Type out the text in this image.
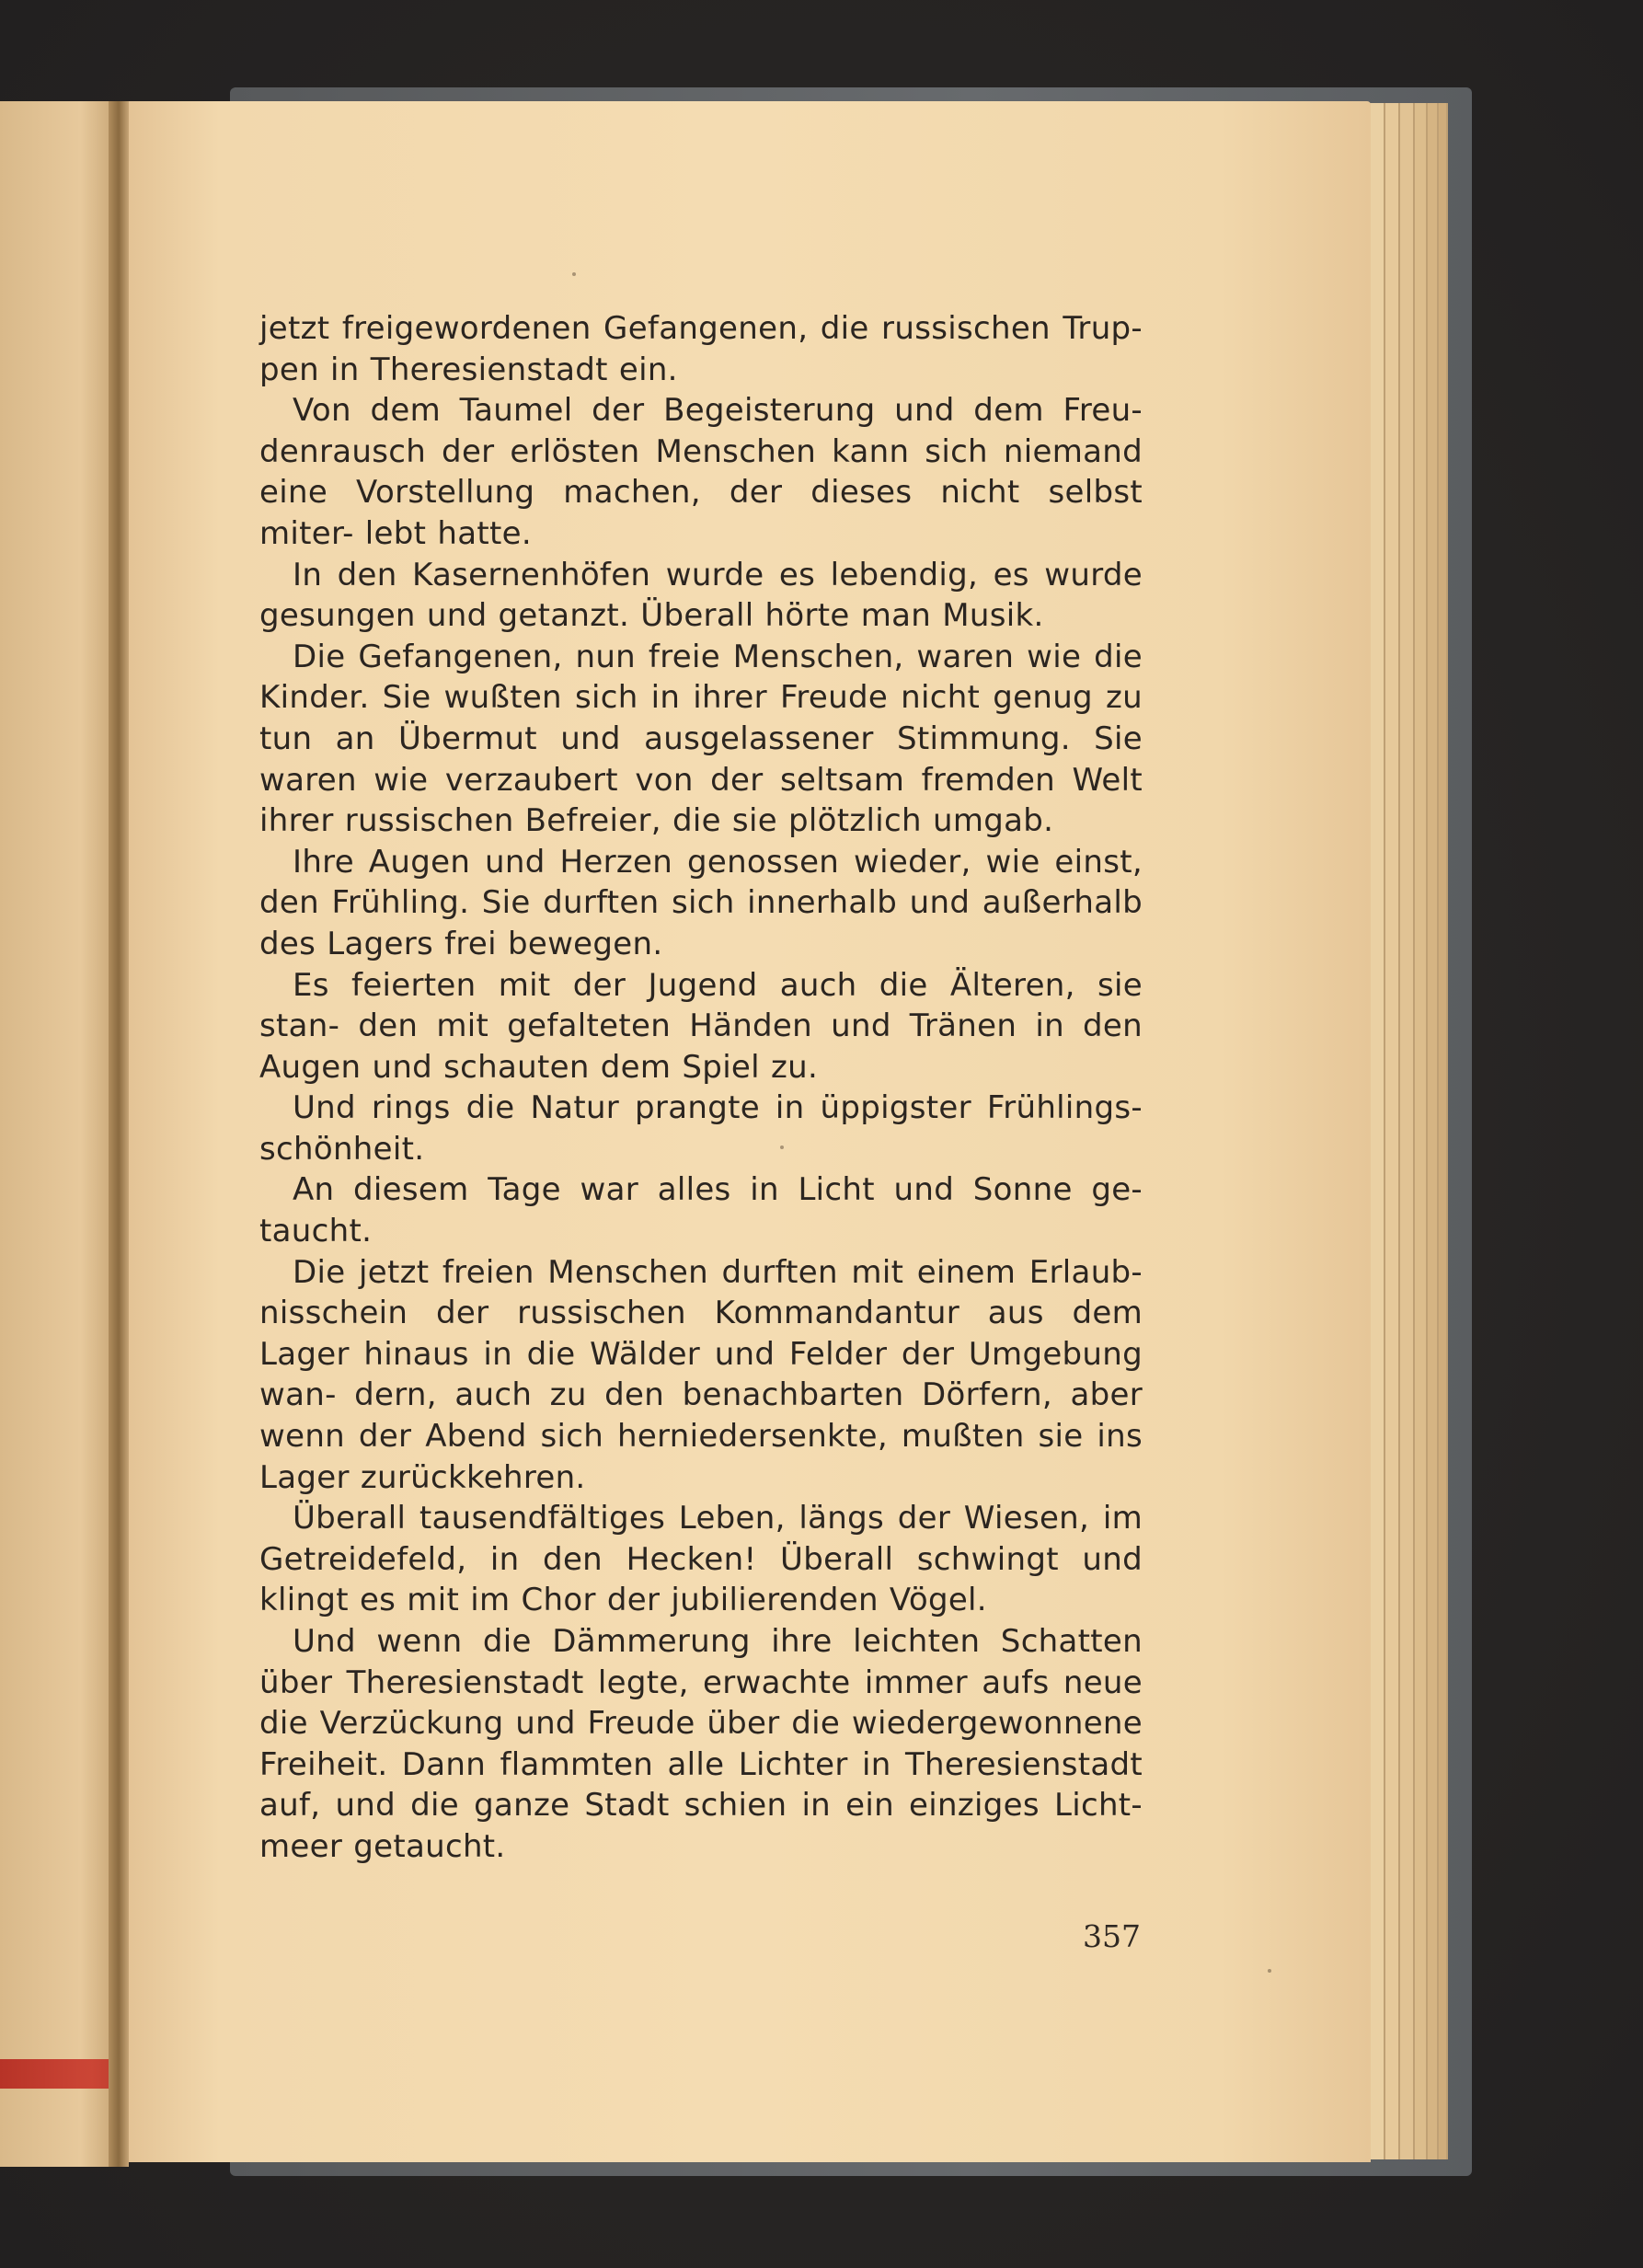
jetzt freigewordenen Gefangenen, die russischen Trup- pen in Theresienstadt ein.

Von dem Taumel der Begeisterung und dem Freu- denrausch der erlösten Menschen kann sich niemand eine Vorstellung machen, der dieses nicht selbst miter- lebt hatte.

In den Kasernenhöfen wurde es lebendig, es wurde gesungen und getanzt. Überall hörte man Musik.

Die Gefangenen, nun freie Menschen, waren wie die Kinder. Sie wußten sich in ihrer Freude nicht genug zu tun an Übermut und ausgelassener Stimmung. Sie waren wie verzaubert von der seltsam fremden Welt ihrer russischen Befreier, die sie plötzlich umgab.

Ihre Augen und Herzen genossen wieder, wie einst, den Frühling. Sie durften sich innerhalb und außerhalb des Lagers frei bewegen.

Es feierten mit der Jugend auch die Älteren, sie stan- den mit gefalteten Händen und Tränen in den Augen und schauten dem Spiel zu.

Und rings die Natur prangte in üppigster Frühlings- schönheit.

An diesem Tage war alles in Licht und Sonne ge- taucht.

Die jetzt freien Menschen durften mit einem Erlaub- nisschein der russischen Kommandantur aus dem Lager hinaus in die Wälder und Felder der Umgebung wan- dern, auch zu den benachbarten Dörfern, aber wenn der Abend sich herniedersenkte, mußten sie ins Lager zurückkehren.

Überall tausendfältiges Leben, längs der Wiesen, im Getreidefeld, in den Hecken! Überall schwingt und klingt es mit im Chor der jubilierenden Vögel.

Und wenn die Dämmerung ihre leichten Schatten über Theresienstadt legte, erwachte immer aufs neue die Verzückung und Freude über die wiedergewonnene Freiheit. Dann flammten alle Lichter in Theresienstadt auf, und die ganze Stadt schien in ein einziges Licht- meer getaucht.

357
